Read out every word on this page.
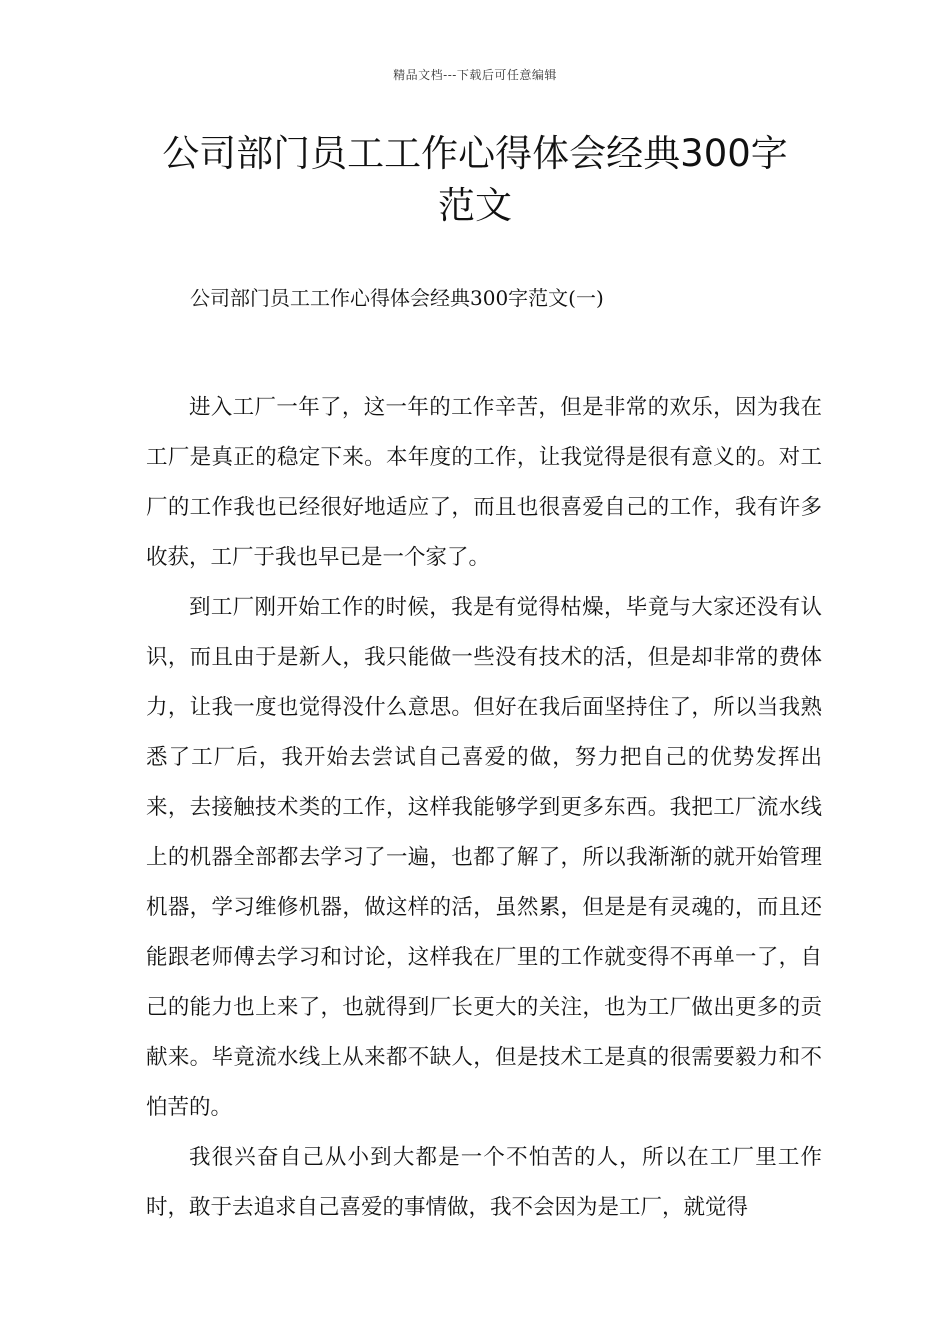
精品文档---下载后可任意编辑
公司部门员工工作心得体会经典300字
范文
公司部门员工工作心得体会经典300字范文(一)

进入工厂一年了，这一年的工作辛苦，但是非常的欢乐，因为我在工厂是真正的稳定下来。本年度的工作，让我觉得是很有意义的。对工厂的工作我也已经很好地适应了，而且也很喜爱自己的工作，我有许多收获，工厂于我也早已是一个家了。

到工厂刚开始工作的时候，我是有觉得枯燥，毕竟与大家还没有认识，而且由于是新人，我只能做一些没有技术的活，但是却非常的费体力，让我一度也觉得没什么意思。但好在我后面坚持住了，所以当我熟悉了工厂后，我开始去尝试自己喜爱的做，努力把自己的优势发挥出来，去接触技术类的工作，这样我能够学到更多东西。我把工厂流水线上的机器全部都去学习了一遍，也都了解了，所以我渐渐的就开始管理机器，学习维修机器，做这样的活，虽然累，但是是有灵魂的，而且还能跟老师傅去学习和讨论，这样我在厂里的工作就变得不再单一了，自己的能力也上来了，也就得到厂长更大的关注，也为工厂做出更多的贡献来。毕竟流水线上从来都不缺人，但是技术工是真的很需要毅力和不怕苦的。

我很兴奋自己从小到大都是一个不怕苦的人，所以在工厂里工作时，敢于去追求自己喜爱的事情做，我不会因为是工厂，就觉得
